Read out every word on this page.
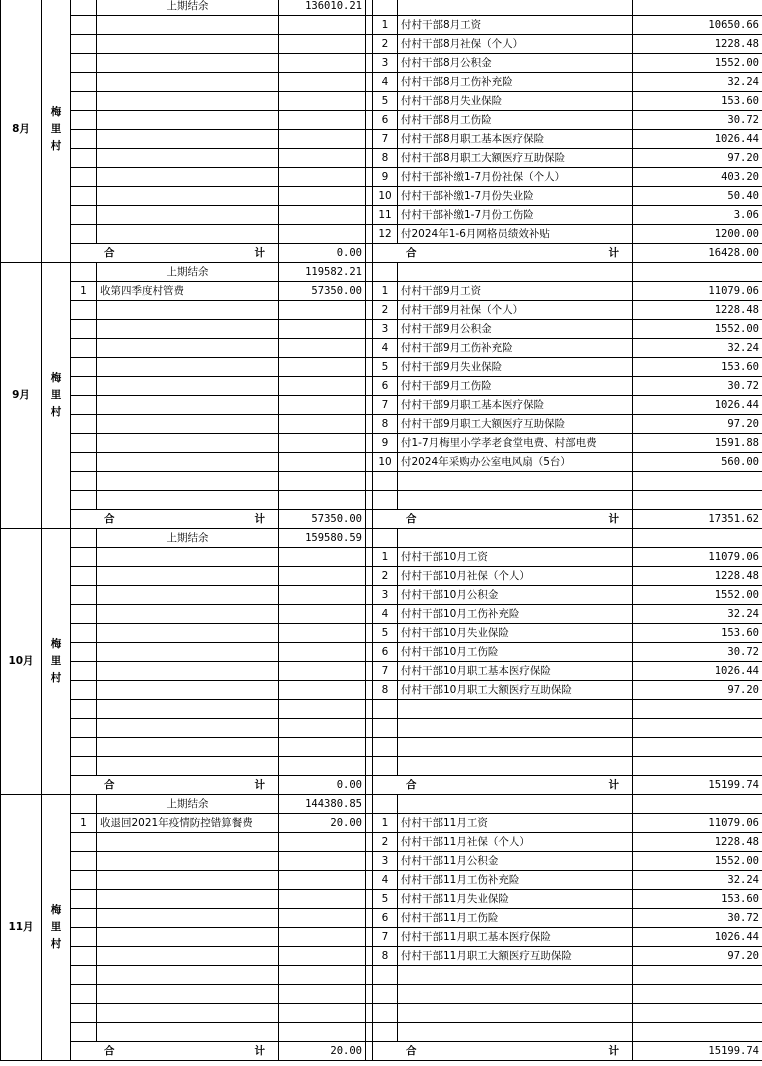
8月	梅
里
村		上期结余	136010.21				
						1	付村干部8月工资	10650.66
						2	付村干部8月社保（个人）	1228.48
						3	付村干部8月公积金	1552.00
						4	付村干部8月工伤补充险	32.24
						5	付村干部8月失业保险	153.60
						6	付村干部8月工伤险	30.72
						7	付村干部8月职工基本医疗保险	1026.44
						8	付村干部8月职工大额医疗互助保险	97.20
						9	付村干部补缴1-7月份社保（个人）	403.20
						10	付村干部补缴1-7月份失业险	50.40
						11	付村干部补缴1-7月份工伤险	3.06
						12	付2024年1-6月网格员绩效补贴	1200.00

		合 计		0.00		合 计		16428.00
9月	梅
里
村		上期结余	119582.21				
		1	收第四季度村管费	57350.00		1	付村干部9月工资	11079.06
						2	付村干部9月社保（个人）	1228.48
						3	付村干部9月公积金	1552.00
						4	付村干部9月工伤补充险	32.24
						5	付村干部9月失业保险	153.60
						6	付村干部9月工伤险	30.72
						7	付村干部9月职工基本医疗保险	1026.44
						8	付村干部9月职工大额医疗互助保险	97.20
						9	付1-7月梅里小学孝老食堂电费、村部电费	1591.88
						10	付2024年采购办公室电风扇（5台）	560.00

		合 计		57350.00		合 计		17351.62
10月	梅
里
村		上期结余	159580.59				
						1	付村干部10月工资	11079.06
						2	付村干部10月社保（个人）	1228.48
						3	付村干部10月公积金	1552.00
						4	付村干部10月工伤补充险	32.24
						5	付村干部10月失业保险	153.60
						6	付村干部10月工伤险	30.72
						7	付村干部10月职工基本医疗保险	1026.44
						8	付村干部10月职工大额医疗互助保险	97.20

		合 计		0.00		合 计		15199.74
11月	梅
里
村		上期结余	144380.85				
		1	收退回2021年疫情防控错算餐费	20.00		1	付村干部11月工资	11079.06
						2	付村干部11月社保（个人）	1228.48
						3	付村干部11月公积金	1552.00
						4	付村干部11月工伤补充险	32.24
						5	付村干部11月失业保险	153.60
						6	付村干部11月工伤险	30.72
						7	付村干部11月职工基本医疗保险	1026.44
						8	付村干部11月职工大额医疗互助保险	97.20

		合 计		20.00		合 计		15199.74
